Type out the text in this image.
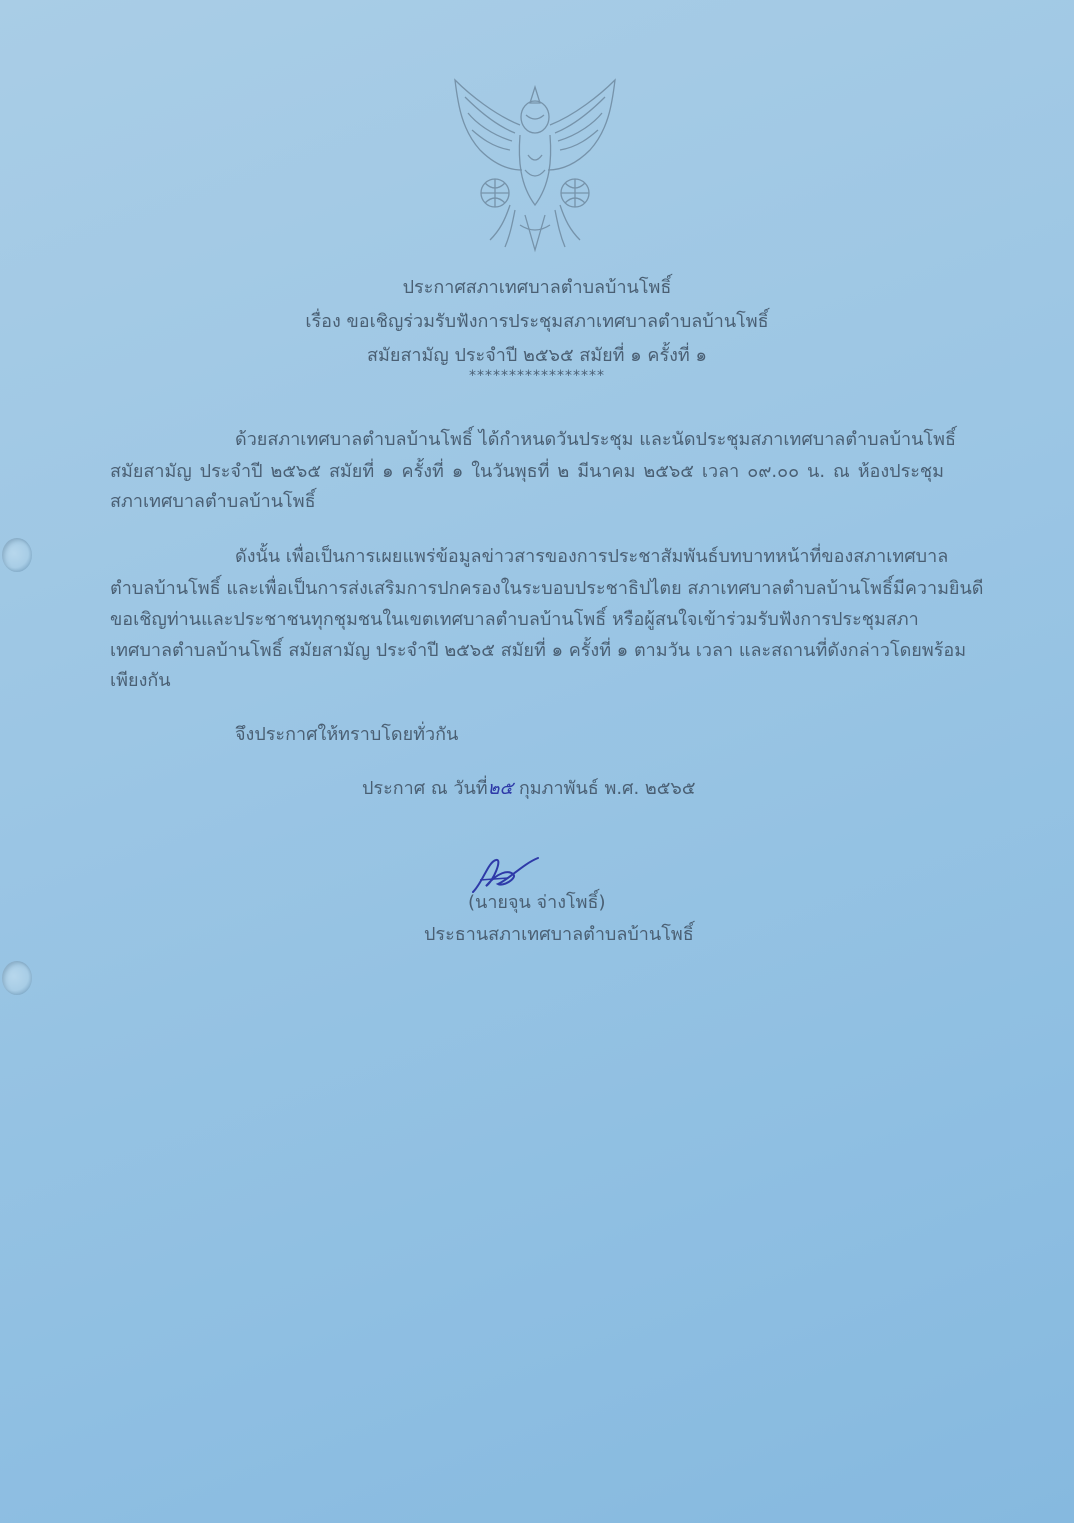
ประกาศสภาเทศบาลตำบลบ้านโพธิ์
เรื่อง ขอเชิญร่วมรับฟังการประชุมสภาเทศบาลตำบลบ้านโพธิ์
สมัยสามัญ ประจำปี ๒๕๖๕ สมัยที่ ๑ ครั้งที่ ๑
*****************
ด้วยสภาเทศบาลตำบลบ้านโพธิ์ ได้กำหนดวันประชุม และนัดประชุมสภาเทศบาลตำบลบ้านโพธิ์
สมัยสามัญ ประจำปี ๒๕๖๕ สมัยที่ ๑ ครั้งที่ ๑ ในวันพุธที่ ๒ มีนาคม ๒๕๖๕ เวลา ๐๙.๐๐ น. ณ ห้องประชุม
สภาเทศบาลตำบลบ้านโพธิ์
ดังนั้น เพื่อเป็นการเผยแพร่ข้อมูลข่าวสารของการประชาสัมพันธ์บทบาทหน้าที่ของสภาเทศบาล
ตำบลบ้านโพธิ์ และเพื่อเป็นการส่งเสริมการปกครองในระบอบประชาธิปไตย สภาเทศบาลตำบลบ้านโพธิ์มีความยินดี
ขอเชิญท่านและประชาชนทุกชุมชนในเขตเทศบาลตำบลบ้านโพธิ์ หรือผู้สนใจเข้าร่วมรับฟังการประชุมสภา
เทศบาลตำบลบ้านโพธิ์ สมัยสามัญ ประจำปี ๒๕๖๕ สมัยที่ ๑ ครั้งที่ ๑ ตามวัน เวลา และสถานที่ดังกล่าวโดยพร้อม
เพียงกัน
จึงประกาศให้ทราบโดยทั่วกัน
ประกาศ ณ วันที่๒๕ กุมภาพันธ์ พ.ศ. ๒๕๖๕
(นายจุน จ่างโพธิ์)
ประธานสภาเทศบาลตำบลบ้านโพธิ์
